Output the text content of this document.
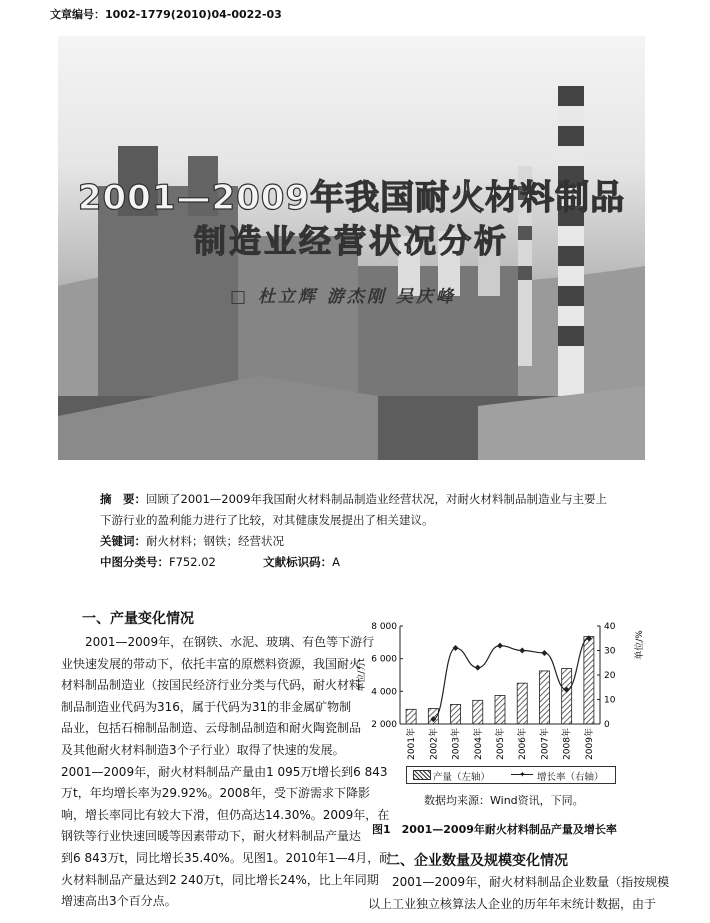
文章编号：1002-1779(2010)04-0022-03
2001—2009年我国耐火材料制品
制造业经营状况分析
□ 杜立辉 游杰刚 吴庆峰
摘　要：回顾了2001—2009年我国耐火材料制品制造业经营状况，对耐火材料制品制造业与主要上
下游行业的盈利能力进行了比较，对其健康发展提出了相关建议。
关键词：耐火材料；钢铁；经营状况
中图分类号：F752.02	文献标识码：A
一、产量变化情况
2001—2009年，在钢铁、水泥、玻璃、有色等下游行
业快速发展的带动下，依托丰富的原燃料资源，我国耐火
材料制品制造业（按国民经济行业分类与代码，耐火材料
制品制造业代码为316，属于代码为31的非金属矿物制
品业，包括石棉制品制造、云母制品制造和耐火陶瓷制品
及其他耐火材料制造3个子行业）取得了快速的发展。
2001—2009年，耐火材料制品产量由1 095万t增长到6 843
万t，年均增长率为29.92%。2008年，受下游需求下降影
响，增长率同比有较大下滑，但仍高达14.30%。2009年，在
钢铁等行业快速回暖等因素带动下，耐火材料制品产量达
到6 843万t，同比增长35.40%。见图1。2010年1—4月，耐
火材料制品产量达到2 240万t，同比增长24%，比上年同期
增速高出3个百分点。
二、企业数量及规模变化情况
2001—2009年，耐火材料制品企业数量（指按规模
以上工业独立核算法人企业的历年年末统计数据，由于
2 000
4 000
6 000
8 000
0
10
20
30
40
单位/万t
单位/%
2001年 2002年 2003年 2004年 2005年 2006年 2007年 2008年 2009年
产量（左轴）	✦ 增长率（右轴）
数据均来源：Wind资讯，下同。
图1　2001—2009年耐火材料制品产量及增长率
